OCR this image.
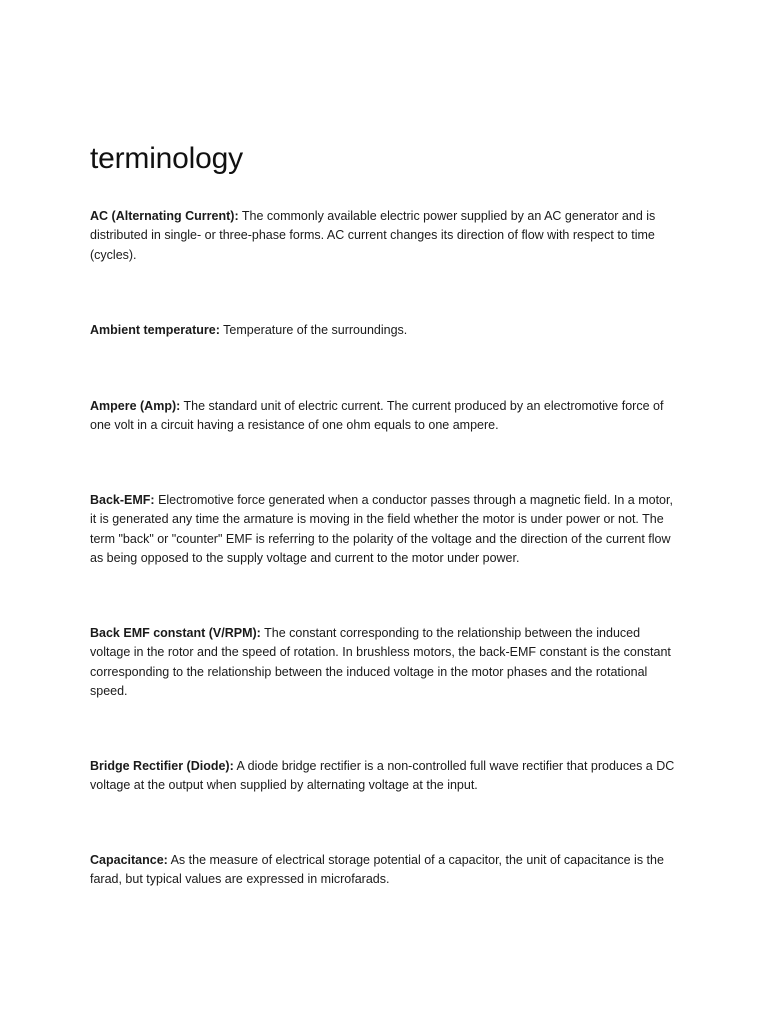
terminology

AC (Alternating Current): The commonly available electric power supplied by an AC generator and is distributed in single- or three-phase forms. AC current changes its direction of flow with respect to time (cycles).

Ambient temperature: Temperature of the surroundings.

Ampere (Amp): The standard unit of electric current. The current produced by an electromotive force of one volt in a circuit having a resistance of one ohm equals to one ampere.

Back-EMF: Electromotive force generated when a conductor passes through a magnetic field. In a motor, it is generated any time the armature is moving in the field whether the motor is under power or not. The term "back" or "counter" EMF is referring to the polarity of the voltage and the direction of the current flow as being opposed to the supply voltage and current to the motor under power.

Back EMF constant (V/RPM): The constant corresponding to the relationship between the induced voltage in the rotor and the speed of rotation. In brushless motors, the back-EMF constant is the constant corresponding to the relationship between the induced voltage in the motor phases and the rotational speed.

Bridge Rectifier (Diode): A diode bridge rectifier is a non-controlled full wave rectifier that produces a DC voltage at the output when supplied by alternating voltage at the input.

Capacitance: As the measure of electrical storage potential of a capacitor, the unit of capacitance is the farad, but typical values are expressed in microfarads.
